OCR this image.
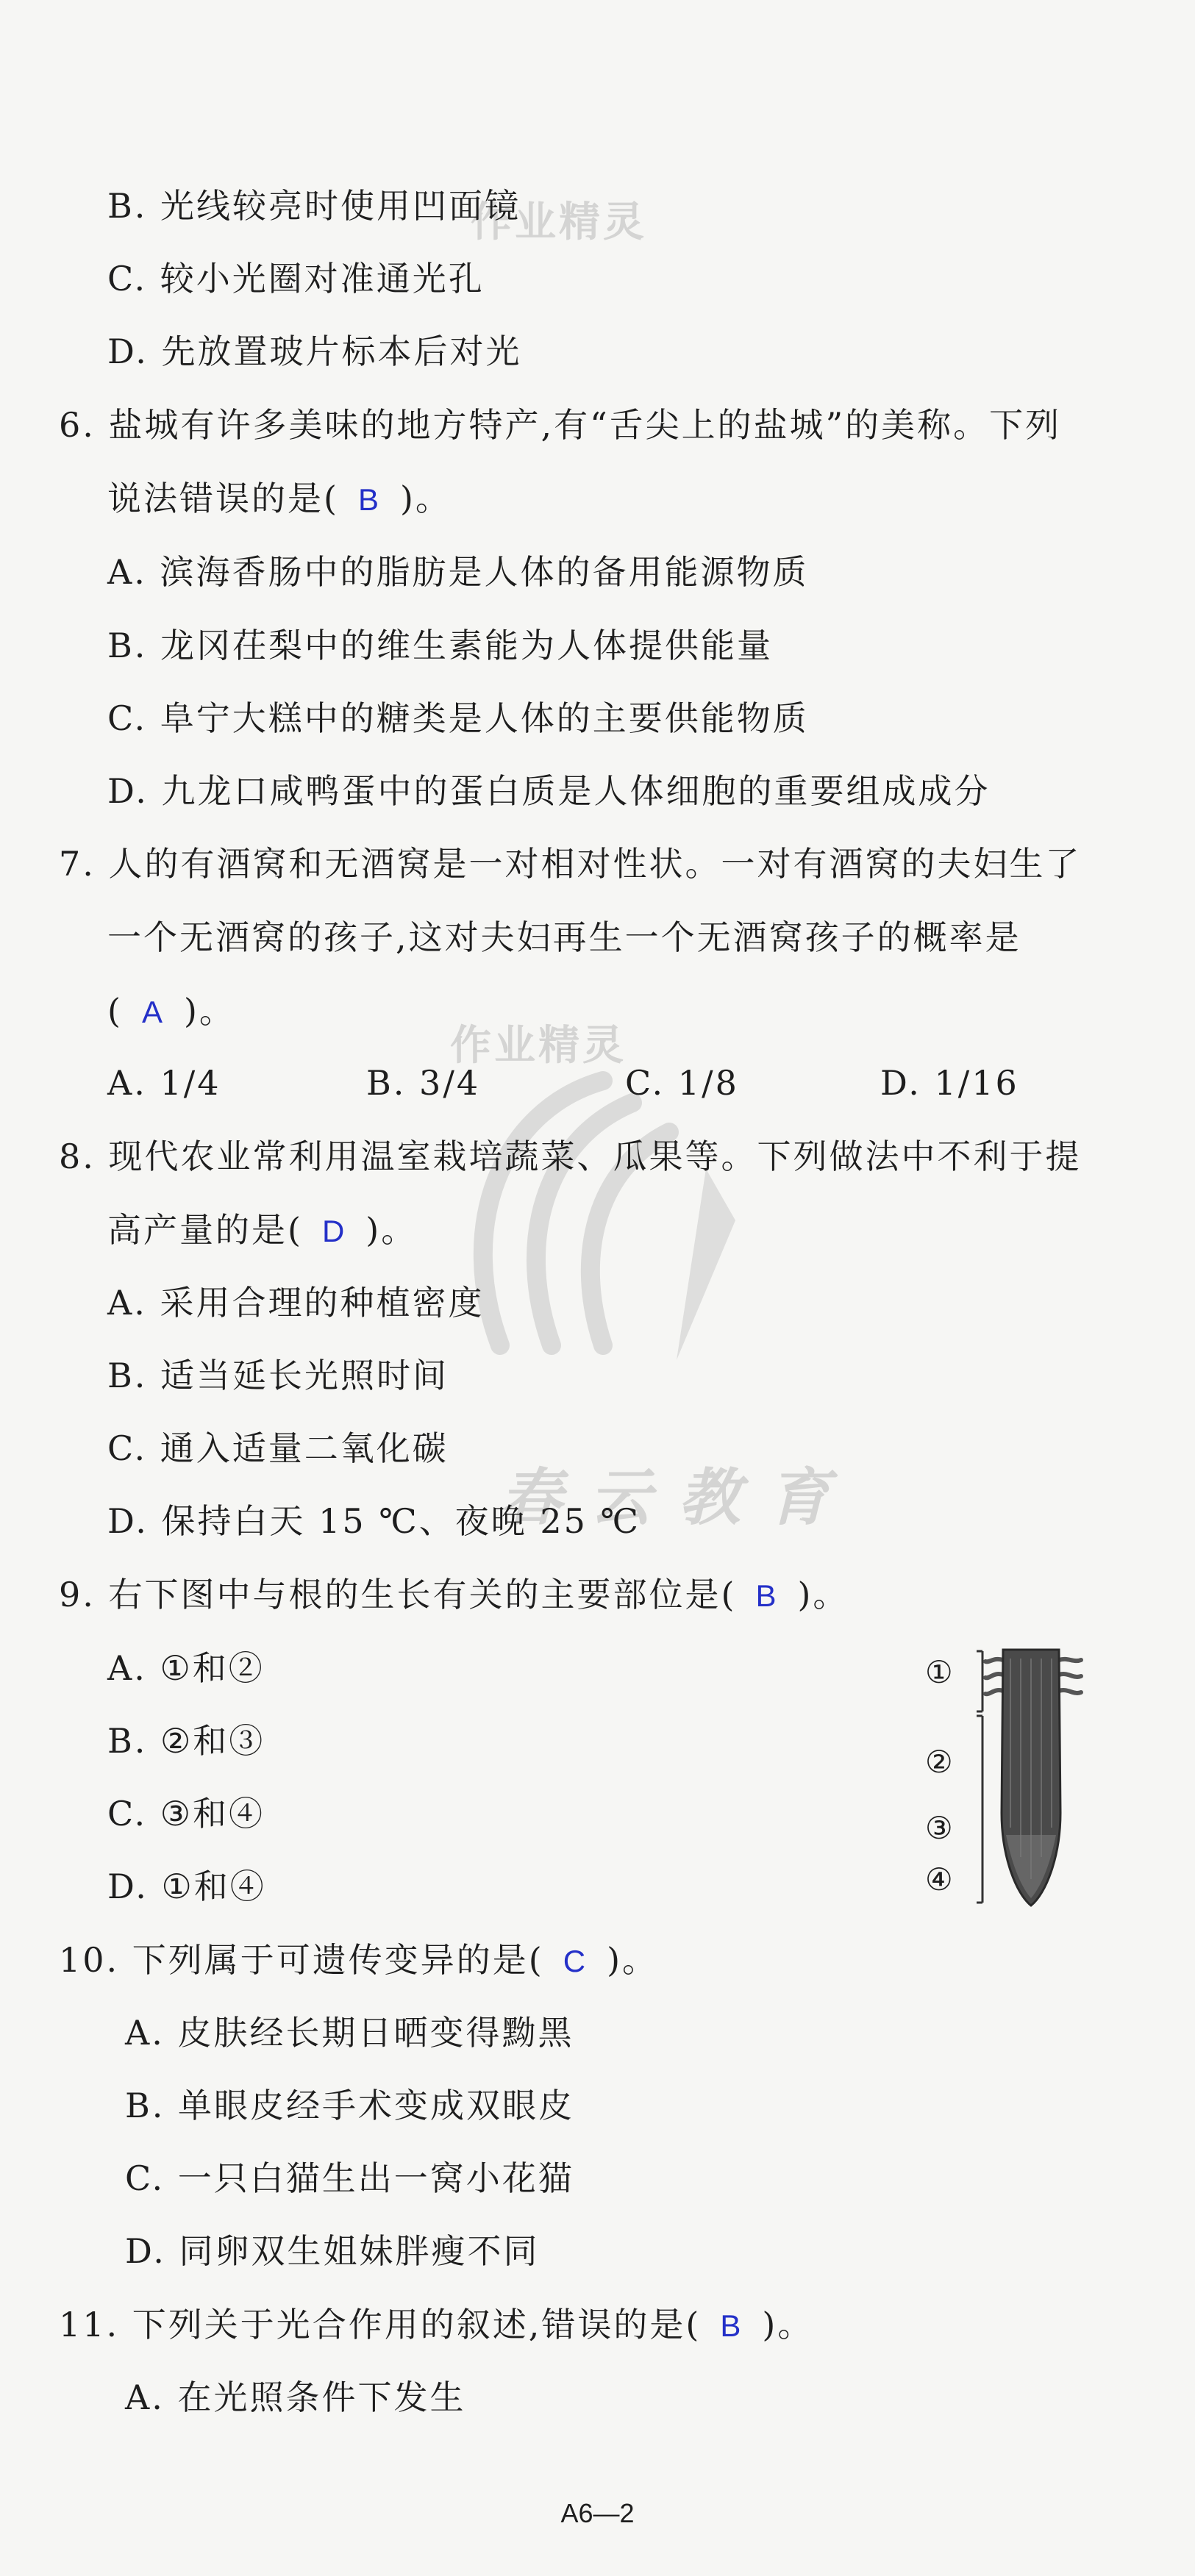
作业精灵
作业精灵
春 云 教 育
B. 光线较亮时使用凹面镜
C. 较小光圈对准通光孔
D. 先放置玻片标本后对光
6. 盐城有许多美味的地方特产,有“舌尖上的盐城”的美称。下列
说法错误的是( B )。
A. 滨海香肠中的脂肪是人体的备用能源物质
B. 龙冈茌梨中的维生素能为人体提供能量
C. 阜宁大糕中的糖类是人体的主要供能物质
D. 九龙口咸鸭蛋中的蛋白质是人体细胞的重要组成成分
7. 人的有酒窝和无酒窝是一对相对性状。一对有酒窝的夫妇生了
一个无酒窝的孩子,这对夫妇再生一个无酒窝孩子的概率是
( A )。
A. 1/4	B. 3/4	C. 1/8	D. 1/16
8. 现代农业常利用温室栽培蔬菜、瓜果等。下列做法中不利于提
高产量的是( D )。
A. 采用合理的种植密度
B. 适当延长光照时间
C. 通入适量二氧化碳
D. 保持白天 15 ℃、夜晚 25 ℃
9. 右下图中与根的生长有关的主要部位是( B )。
A. ①和②
B. ②和③
C. ③和④
D. ①和④
①
②
③
④
10. 下列属于可遗传变异的是( C )。
A. 皮肤经长期日晒变得黝黑
B. 单眼皮经手术变成双眼皮
C. 一只白猫生出一窝小花猫
D. 同卵双生姐妹胖瘦不同
11. 下列关于光合作用的叙述,错误的是( B )。
A. 在光照条件下发生
A6—2
